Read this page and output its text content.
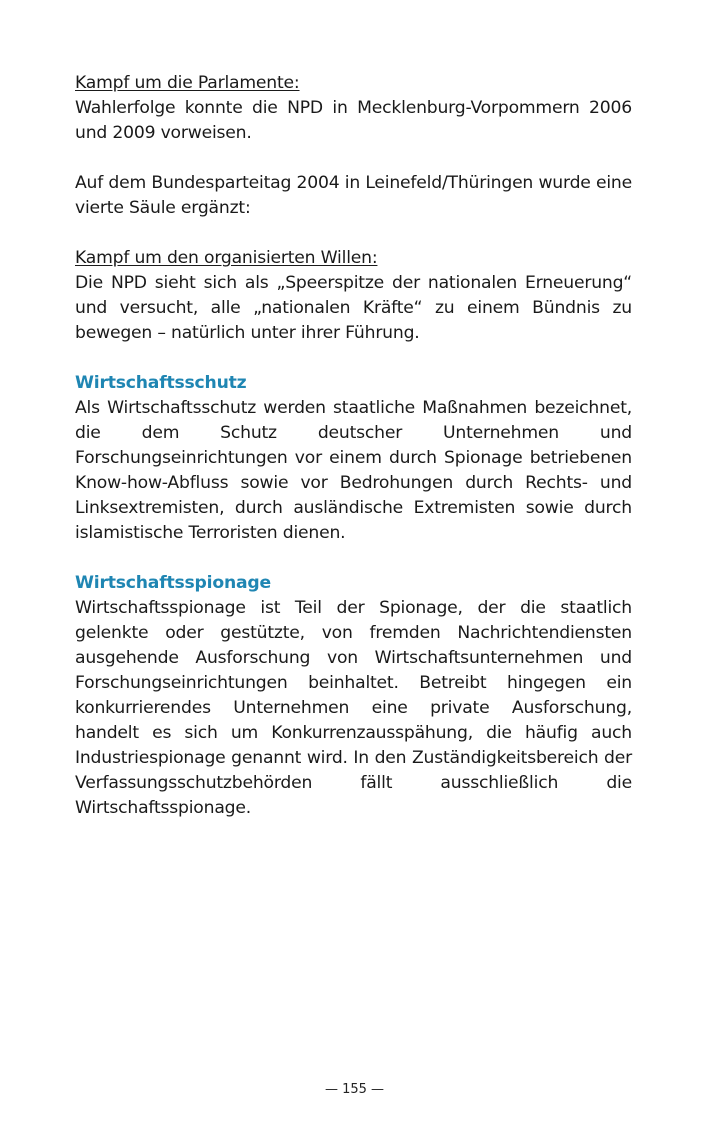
Kampf um die Parlamente:
Wahlerfolge konnte die NPD in Mecklenburg-Vorpommern 2006 und 2009 vorweisen.
Auf dem Bundesparteitag 2004 in Leinefeld/Thüringen wurde eine vierte Säule ergänzt:
Kampf um den organisierten Willen:
Die NPD sieht sich als „Speerspitze der nationalen Erneuerung“ und versucht, alle „nationalen Kräfte“ zu einem Bündnis zu bewegen – natürlich unter ihrer Führung.
Wirtschaftsschutz
Als Wirtschaftsschutz werden staatliche Maßnahmen bezeichnet, die dem Schutz deutscher Unternehmen und Forschungseinrichtungen vor einem durch Spionage betriebenen Know-how-Abfluss sowie vor Bedrohungen durch Rechts- und Linksextremisten, durch ausländische Extremisten sowie durch islamistische Terroristen dienen.
Wirtschaftsspionage
Wirtschaftsspionage ist Teil der Spionage, der die staatlich gelenkte oder gestützte, von fremden Nachrichtendiensten ausgehende Ausforschung von Wirtschaftsunternehmen und Forschungseinrichtungen beinhaltet. Betreibt hingegen ein konkurrierendes Unternehmen eine private Ausforschung, handelt es sich um Konkurrenzausspähung, die häufig auch Industriespionage genannt wird. In den Zuständigkeitsbereich der Verfassungsschutzbehörden fällt ausschließlich die Wirtschaftsspionage.
— 155 —
